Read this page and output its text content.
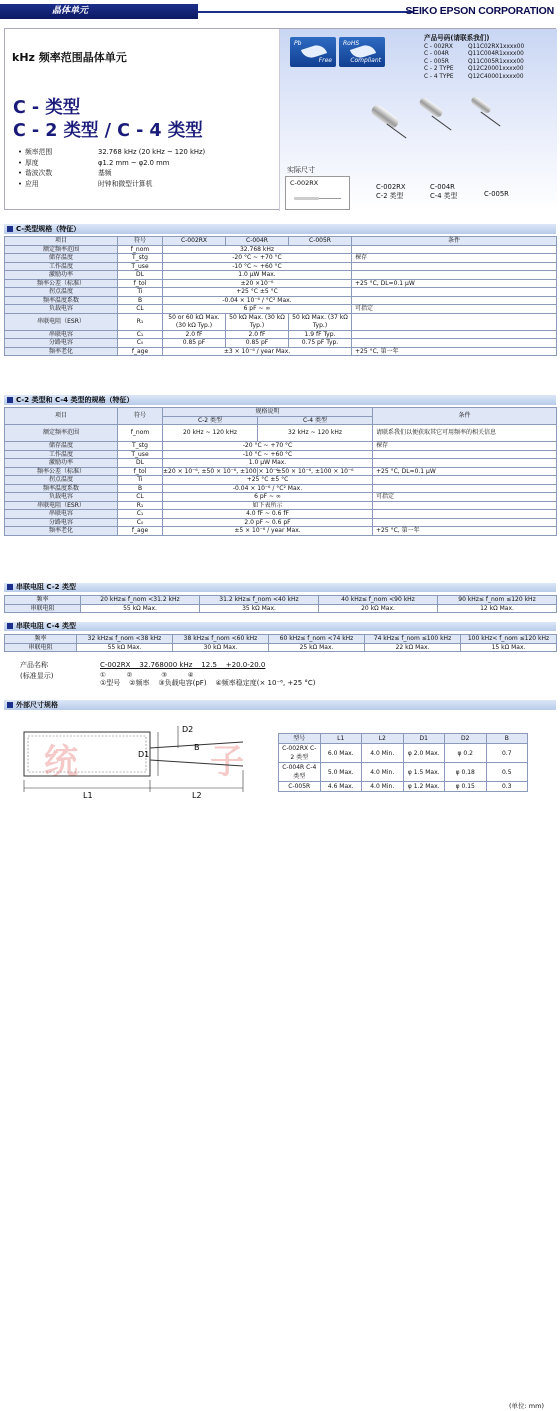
晶体单元	SEIKO EPSON CORPORATION
kHz 频率范围晶体单元
C - 类型
C - 2 类型 / C - 4 类型
• 频率范围	32.768 kHz (20 kHz ~ 120 kHz)
• 厚度	φ1.2 mm ~ φ2.0 mm
• 谐波次数	基频
• 应用	时钟和微型计算机
Pb
Free
RoHS
Compliant
产品号码(请联系我们)
C - 002RX	Q11C02RX1xxxx00
C - 004R	Q11C004R1xxxx00
C - 005R	Q11C005R1xxxx00
C - 2 TYPE	Q12C20001xxxx00
C - 4 TYPE	Q12C40001xxxx00
C-002RX
C-2 类型
C-004R
C-4 类型	C-005R
实际尺寸
C-002RX
C-类型规格（特征）
项目	符号	C-002RX	C-004R	C-005R	条件
额定频率范围	f_nom	32.768 kHz			
储存温度	T_stg	-20 °C ~ +70 °C			裸存
工作温度	T_use	-10 °C ~ +60 °C			
激励功率	DL	1.0 μW Max.			
频率公差（标准）	f_tol	±20 ×10⁻⁶			+25 °C, DL=0.1 μW
拐点温度	Ti	+25 °C ±5 °C			
频率温度系数	B	-0.04 × 10⁻⁶ / °C² Max.			
负载电容	CL	6 pF ~ ∞			可指定
串联电阻（ESR）	R₁	50 or 60 kΩ Max. (30 kΩ Typ.)	50 kΩ Max. (30 kΩ Typ.)	50 kΩ Max. (37 kΩ Typ.)	
串联电容	C₁	2.0 fF	2.0 fF	1.9 fF Typ.	
分路电容	C₀	0.85 pF	0.85 pF	0.75 pF Typ.	
频率老化	f_age	±3 × 10⁻⁶ / year Max.			+25 °C, 第一年
C-2 类型和 C-4 类型的规格（特征）
项目	符号	规格说明		条件
		C-2 类型	C-4 类型	
额定频率范围	f_nom	20 kHz ~ 120 kHz	32 kHz ~ 120 kHz	请联系我们以便获取其它可用频率的相关信息
储存温度	T_stg	-20 °C ~ +70 °C		裸存
工作温度	T_use	-10 °C ~ +60 °C		
激励功率	DL	1.0 μW Max.		
频率公差（标准）	f_tol	±20 × 10⁻⁶, ±50 × 10⁻⁶, ±100 × 10⁻⁶	±50 × 10⁻⁶, ±100 × 10⁻⁶	+25 °C, DL=0.1 μW
拐点温度	Ti	+25 °C ±5 °C		
频率温度系数	B	-0.04 × 10⁻⁶ / °C² Max.		
负载电容	CL	6 pF ~ ∞		可指定
串联电阻（ESR）	R₁	如下表所示		
串联电容	C₁	4.0 fF ~ 0.6 fF		
分路电容	C₀	2.0 pF ~ 0.6 pF		
频率老化	f_age	±5 × 10⁻⁶ / year Max.		+25 °C, 第一年
串联电阻 C-2 类型
频率	20 kHz≤ f_nom <31.2 kHz	31.2 kHz≤ f_nom <40 kHz	40 kHz≤ f_nom <90 kHz	90 kHz≤ f_nom ≤120 kHz
串联电阻	55 kΩ Max.	35 kΩ Max.	20 kΩ Max.	12 kΩ Max.
串联电阻 C-4 类型
频率	32 kHz≤ f_nom <38 kHz	38 kHz≤ f_nom <60 kHz	60 kHz≤ f_nom <74 kHz	74 kHz≤ f_nom ≤100 kHz	100 kHz< f_nom ≤120 kHz
串联电阻	55 kΩ Max.	30 kΩ Max.	25 kΩ Max.	22 kΩ Max.	15 kΩ Max.
产品名称
(标准显示)
C-002RX    32.768000 kHz    12.5    +20.0-20.0
①          ②              ③          ④
①型号    ②频率    ③负载电容(pF)    ④频率稳定度(× 10⁻⁶, +25 °C)
外部尺寸规格
(单位: mm)
统	子
L1	L2
D1
D2
B
型号	L1	L2	D1	D2	B
C-002RX C-2 类型	6.0 Max.	4.0 Min.	φ 2.0 Max.	φ 0.2	0.7
C-004R C-4 类型	5.0 Max.	4.0 Min.	φ 1.5 Max.	φ 0.18	0.5
C-005R	4.6 Max.	4.0 Min.	φ 1.2 Max.	φ 0.15	0.3
